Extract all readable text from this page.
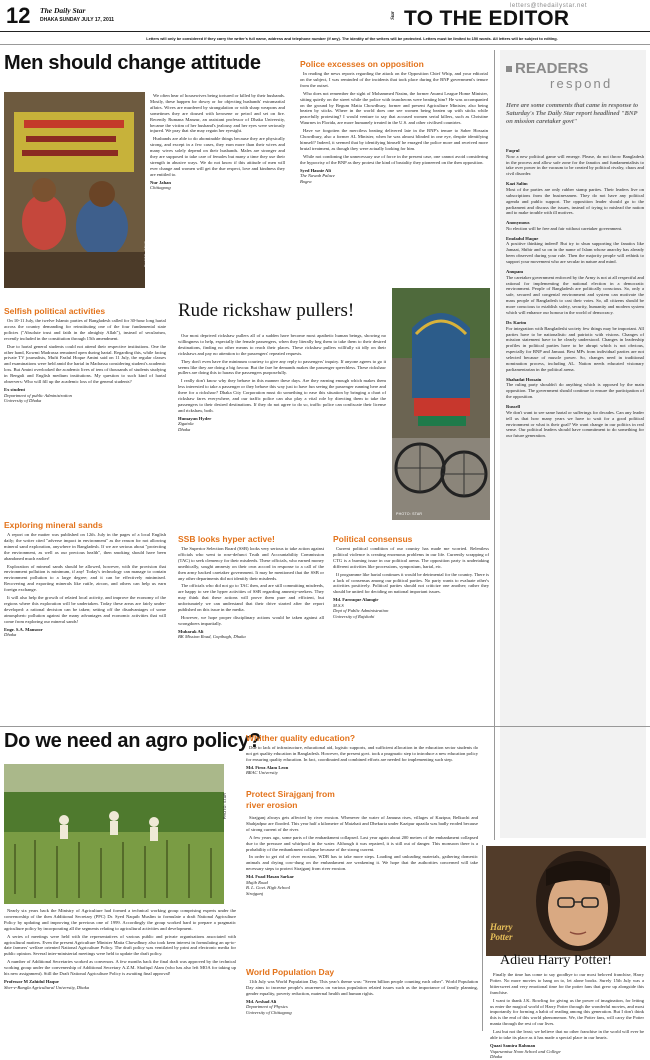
12 The Daily Star
DHAKA SUNDAY JULY 17, 2011
letters@thedailystar.net
Star TO THE EDITOR
Letters will only be considered if they carry the writer's full name, address and telephone number (if any). The identity of the writers will be protected. Letters must be limited to 150 words. All letters will be subject to editing.
Men should change attitude
PHOTO: STAR

We often hear of housewives being tortured or killed by their husbands. Mostly, these happen for dowry or for objecting husbands' extramarital affairs. Wives are murdered by strangulation or with sharp weapons and sometimes they are doused with kerosene or petrol and set on fire. Recently Rumana Manzur, an assistant professor of Dhaka University, became the victim of her husband's jealousy and her eyes were seriously injured. We pray that she may regain her eyesight.

Husbands are able to do abominable things because they are physically strong, and except in a few cases, they earn more than their wives and many wives solely depend on their husbands. Males are stronger and they are supposed to take care of females but many a time they use their strength in abusive ways. We do not know if this attitude of men will ever change and women will get the due respect, love and kindness they are entitled to.

Nur Jahan
Chittagong
Police excesses on opposition

In reading the news reports regarding the attack on the Opposition Chief Whip, and your editorial on the subject, I was reminded of the incidents that took place during the BNP government's tenure from the outset.

Who does not remember the sight of Mohammed Nasim, the former Awami League Home Minister, sitting quietly on the street while the police with truncheons were beating him? He was accompanied on the ground by Begum Matia Chowdhury, former and present Agriculture Minister, also being beaten by sticks. Where in the world does one see women being beaten up with sticks while peacefully protesting? I would venture to say that accused women serial killers, such as Christine Waurnes in Florida, are more humanely treated in the U.S. and other civilised countries.

Have we forgotten the merciless beating delivered late in the BNP's tenure to Saber Hossain Chowdhury, also a former AL Minister, when he was almost blinded in one eye, despite identifying himself? Indeed, it seemed that by identifying himself he enraged the police more and received more brutal treatment, as though they were actually looking for him.

While not condoning the unnecessary use of force in the present case, one cannot avoid considering the hypocrisy of the BNP as they protest the kind of brutality they pioneered on the then opposition.

Syed Hasnie Ali
The Nawab Palace
Bogra
READERS
respond
Here are some comments that came in response to Saturday's The Daily Star report headlined "BNP on mission caretaker govt"
Faqrul
Now a new political game will emerge. Please, do not throw Bangladesh in the process and allow safe zone for the fanatics and fundamentalists to take over power in the vacuum to be created by political rivalry, chaos and civil disorder.
Kazi Salim
Most of the parties are only rubber stamp parties. Their leaders live on subscriptions from the businessmen. They do not have any political agenda and public support. The opposition leader should go to the parliament and discuss the issues, instead of trying to mislead the nation and to make trouble with ill motives.
Anonymous
No election will be free and fair without caretaker government.
Emdadul Haque
A positive thinking indeed! But try to shun supporting the fanatics like Jamaat, Shibir and so on in the name of Islam whose anarchy has already been observed during your rule. Then the majority people will rethink to support your movement who are secular in nature and mind.
Anupam
The caretaker government enforced by the Army is not at all respectful and rational for implementing the national election in a democratic environment. People of Bangladesh are politically conscious. So, only a safe, secured and congenial environment and system can motivate the mass people of Bangladesh to cast their votes. So, all citizens should be more conscious to establish safety, security, humanity and modern system which will enhance our honour in the world of democracy.
Dr. Karim
For integration with Bangladeshi society few things may be important. All parties have to be nationalistic and patriotic with visions. Changes of mission statement have to be clearly understood. Changes in leadership profiles in political parties have to be abrupt which is not obvious, especially for BNP and Jamaat. Best MPs from individual parties are not selected because of muscle power. So, changes need in traditional nomination process, including AL. Nation needs educated visionary parliamentarian in the political arena.
Shahadat Hossain
The ruling party shouldn't do anything which is opposed by the main opposition. The government should continue to ensure the participation of the opposition.
Russell
We don't want to see same hartal or sufferings for decades. Can any leader tell us that how many years we have to wait for a good political environment or what is their goal? We want change in our politics in real sense. Our political leaders should have commitment to do something for our future generation.
Selfish political activities

On 10-11 July, the twelve Islamic parties of Bangladesh called for 30-hour long hartal across the country demanding for reinstituting one of the four fundamental state policies ("Absolute trust and faith in the almighty Allah"), instead of secularism, recently included in the constitution through 15th amendment.

Due to hartal general students could not attend their respective institutions. One the other hand, Kowmi Madrassa remained open during hartal. Regarding this, while facing private TV journalists, Mufti Fazlul Hoque Amini said on 11 July, the regular classes and examinations were held amid the hartal in Madrassa considering student's academic loss. But Amini overlooked the academic lives of tens of thousands of students studying in Bengali and English medium institutions. My question to such kind of hartal observers: Who will fill up the academic loss of the general students?

Ex student
Department of public Administration
University of Dhaka
Exploring mineral sands

A report on the matter was published on 12th. July in the pages of a local English daily; the writer cited "adverse impact in environment" as the reason for not allowing mineral sand exploration, anywhere in Bangladesh. If we are serious about "protecting the environment, as well as our precious health", then smoking should have been abandoned much earlier!

Exploration of mineral sands should be allowed, however, with the provision that environment pollution is minimum, if any! Today's technology can manage to contain environment pollution to a large degree; and it can be effectively minimised. Recovering and exporting minerals like rutile, zircon, and others can help us earn foreign exchange.

It will also help the growth of related local activity, and improve the economy of the regions where this exploration will be undertaken. Today these areas are fairly under-developed: a rational decision can be taken; setting off the disadvantages of some atmospheric pollution against the many advantages and economic activities that will come from exploring our mineral sands!

Engr. S.A. Mansoor
Dhaka
Rude rickshaw pullers!

Our most deprived rickshaw pullers all of a sudden have become most apathetic human beings, showing no willingness to help, especially the female passengers, when they literally beg them to take them to their desired destinations, finding no other means to reach their places. These rickshaw pullers willfully sit idly on their rickshaws and pay no attention to the passengers' repeated requests.

They don't even have the minimum courtesy to give any reply to passengers' inquiry. If anyone agrees to go it seems like they are doing a big favour. But the fare he demands makes the passenger speechless. These rickshaw pullers are doing this to harass the passengers purposefully.

I really don't know why they behave in this manner these days. Are they earning enough which makes them less interested to take a passenger or they behave this way just to have fun seeing the passenger running here and there for a rickshaw? Dhaka City Corporation must do something to ease this situation by bringing a chart of rickshaw fares everywhere, and our traffic police can also play a vital role by directing them to take the passengers to their desired destinations. If they do not agree to do so, traffic police can confiscate their license and rickshaw, both.

Humayun Hyder
Zigatola
Dhaka
PHOTO: STAR
SSB looks hyper active!

The Superior Selection Board (SSB) looks very serious to take action against officials who went to rose-defunct Truth and Accountability Commission (TAC) to seek clemency for their misdeeds. These officials, who earned money unethically, sought amnesty on their own accord in response to a call of the then army backed caretaker government. It may be mentioned that the SSB or any other departments did not identify their misdeeds.

The officials who did not go to TAC then, and are still committing misdeeds, are happy to see the hyper activities of SSB regarding amnesty-seekers. They may think that these actions will prove them pure and efficient, but unfortunately we can understand that their drive started after the report published on this issue in the media.

However, we hope proper disciplinary actions would be taken against all wrongdoers impartially.

Mubarak Ali
BK Mission Road, Gopibagh, Dhaka
Political consensus

Current political condition of our country has made me worried. Relentless political violence is creating enormous problems in our life. Currently scrapping of CTG is a burning issue in our political arena. The opposition party is undertaking different activities like processions, symposium, hartal, etc.

If programme like hartal continues it would be detrimental for the country. There is a lack of consensus among our political parties. No party wants to evaluate other's activities positively. Political parties should not criticize one another; rather they should be united for deciding on national important issues.

Md. Farouque Alamgir
M.S.S
Dept of Public Administration
University of Rajshahi
Do we need an agro policy?
PHOTO: STAR

Nearly six years back the Ministry of Agriculture had formed a technical working group comprising experts under the convenorship of the then Additional Secretary (PPC) Dr. Syed Naquib Muslim to formulate a draft National Agriculture Policy by updating and improving the previous one of 1999. Accordingly the group worked hard to prepare a pragmatic agriculture policy by incorporating all the segments relating to agricultural activities and development.

A series of meetings were held with the representatives of various public and private organisations associated with agricultural matters. Even the present Agriculture Minister Matia Chowdhury also took keen interest in formulating an up-to-date farmers' welfare oriented National Agriculture Policy. The draft policy was ventilated by print and electronic media for public opinion. Several inter-ministerial meetings were held to update the draft policy.

A number of Additional Secretaries worked as convenors. A few months back the final draft was approved by the technical working group under the convenership of Additional Secretary A.Z.M. Shafiqul Alam (who has also left MOA for taking up his new assignment). Still the Draft National Agriculture Policy is awaiting final approval!

Professor M Zahidul Haque
Sher-e-Bangla Agricultural University, Dhaka
Whither quality education?

Due to lack of infrastructure, educational aid, logistic supports, and sufficient allocation in the education sector students do not get quality education in Bangladesh. However, the present govt. took a pragmatic step to introduce a new education policy for ensuring quality education. In fact, coordinated and combined efforts are needed for implementing such step.

Md. Firoz Alam Leon
BRAC University
Protect Sirajganj from
river erosion

Sirajganj always gets affected by river erosion. Whenever the water of Jamuna rises, villages of Kazipur, Belkuchi and Shahjadpur are flooded. This year half a kilometre of Maizhati and Dhekuria under Kazipur upazila was badly eroded because of strong current of the river.

A few years ago, some parts of the embankment collapsed. Last year again about 200 metres of the embankment collapsed due to the pressure and whirlpool in the water. Although it was repaired, it is still out of danger. This monsoon there is a probability of the embankment collapse because of the strong current.

In order to get rid of river erosion, WDB has to take more steps. Loading and unloading materials, gathering domestic animals and drying cow-dung on the embankment are weakening it. We hope that the authorities concerned will take necessary steps to protect Sirajganj from river erosion.

Md. Fuad Hasan Sarkar
Mujib Road
B. L. Govt. High School
Sirajganj
World Population Day

11th July was World Population Day. This year's theme was: "Seven billion people counting each other". World Population Day aims to increase people's awareness on various population related issues such as the importance of family planning, gender equality, poverty reduction, maternal health and human rights.

Md. Arshad Ali
Department of Physics
University of Chittagong
Harry Potter
Adieu Harry Potter!

Finally the time has come to say goodbye to our most beloved franchise, Harry Potter. No more movies to hang on to, let alone books. Surely 15th July was a bittersweet and very emotional time for the potter fans that grew up alongside this franchise.

I want to thank J.K. Rowling for giving us the power of imagination, for letting us enter the magical world of Harry Potter through the wonderful movies, and most importantly for forming a habit of reading among this generation. But I don't think this is the end of this world phenomenon. We, the Potter fans, will carry the Potter mania through the rest of our lives.

Last but not the least; we believe that no other franchise in the world will ever be able to take its place as it has made a special place in our hearts.

Quazi Samira Rahman
Viqarunnisa Noon School and College
Dhaka
